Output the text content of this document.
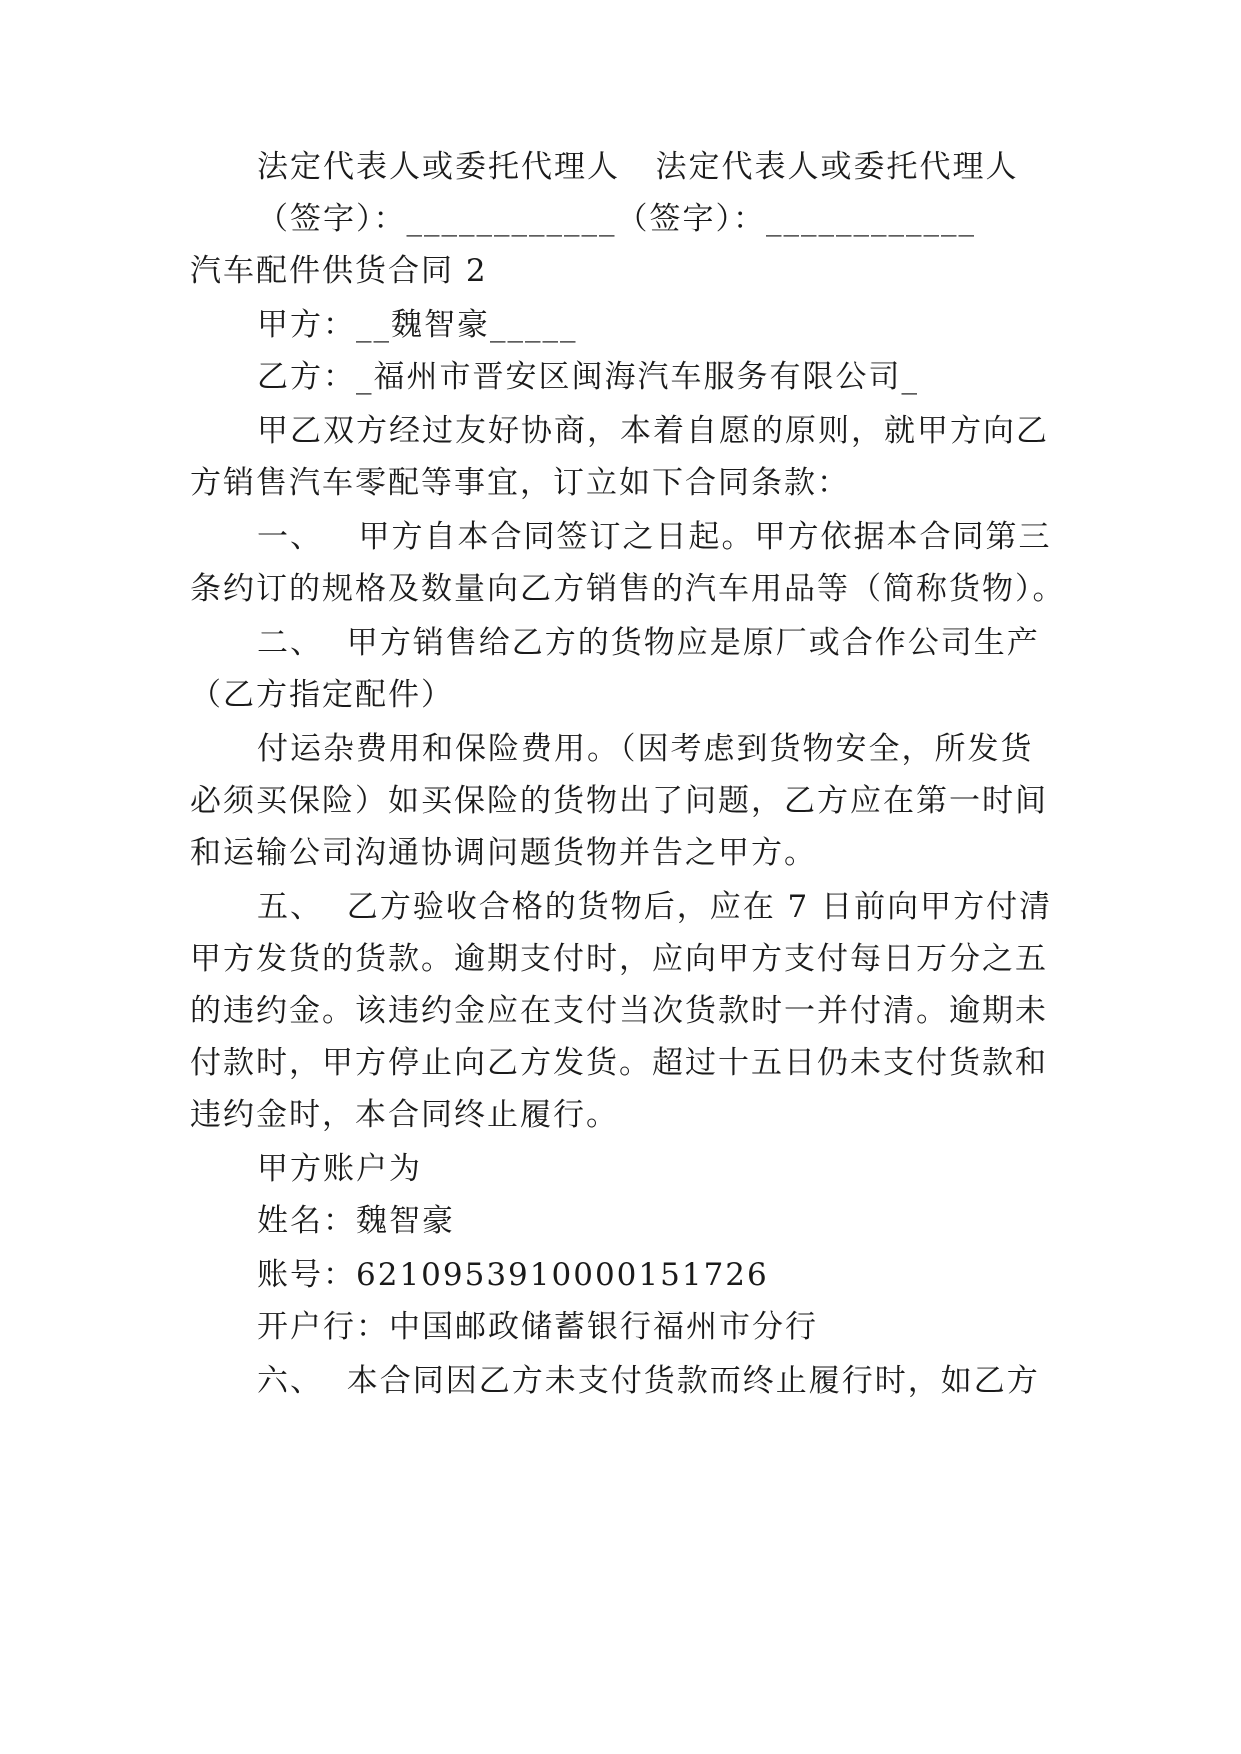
法定代表人或委托代理人   法定代表人或委托代理人
（签字）：____________（签字）：____________
汽车配件供货合同 2
甲方：__魏智豪_____
乙方：_福州市晋安区闽海汽车服务有限公司_
甲乙双方经过友好协商，本着自愿的原则，就甲方向乙
方销售汽车零配等事宜，订立如下合同条款：
一、   甲方自本合同签订之日起。甲方依据本合同第三
条约订的规格及数量向乙方销售的汽车用品等（简称货物）。
二、  甲方销售给乙方的货物应是原厂或合作公司生产
（乙方指定配件）
付运杂费用和保险费用。（因考虑到货物安全，所发货
必须买保险）如买保险的货物出了问题，乙方应在第一时间
和运输公司沟通协调问题货物并告之甲方。
五、  乙方验收合格的货物后，应在 7 日前向甲方付清
甲方发货的货款。逾期支付时，应向甲方支付每日万分之五
的违约金。该违约金应在支付当次货款时一并付清。逾期未
付款时，甲方停止向乙方发货。超过十五日仍未支付货款和
违约金时，本合同终止履行。
甲方账户为
姓名：魏智豪
账号：6210953910000151726
开户行：中国邮政储蓄银行福州市分行
六、  本合同因乙方未支付货款而终止履行时，如乙方
